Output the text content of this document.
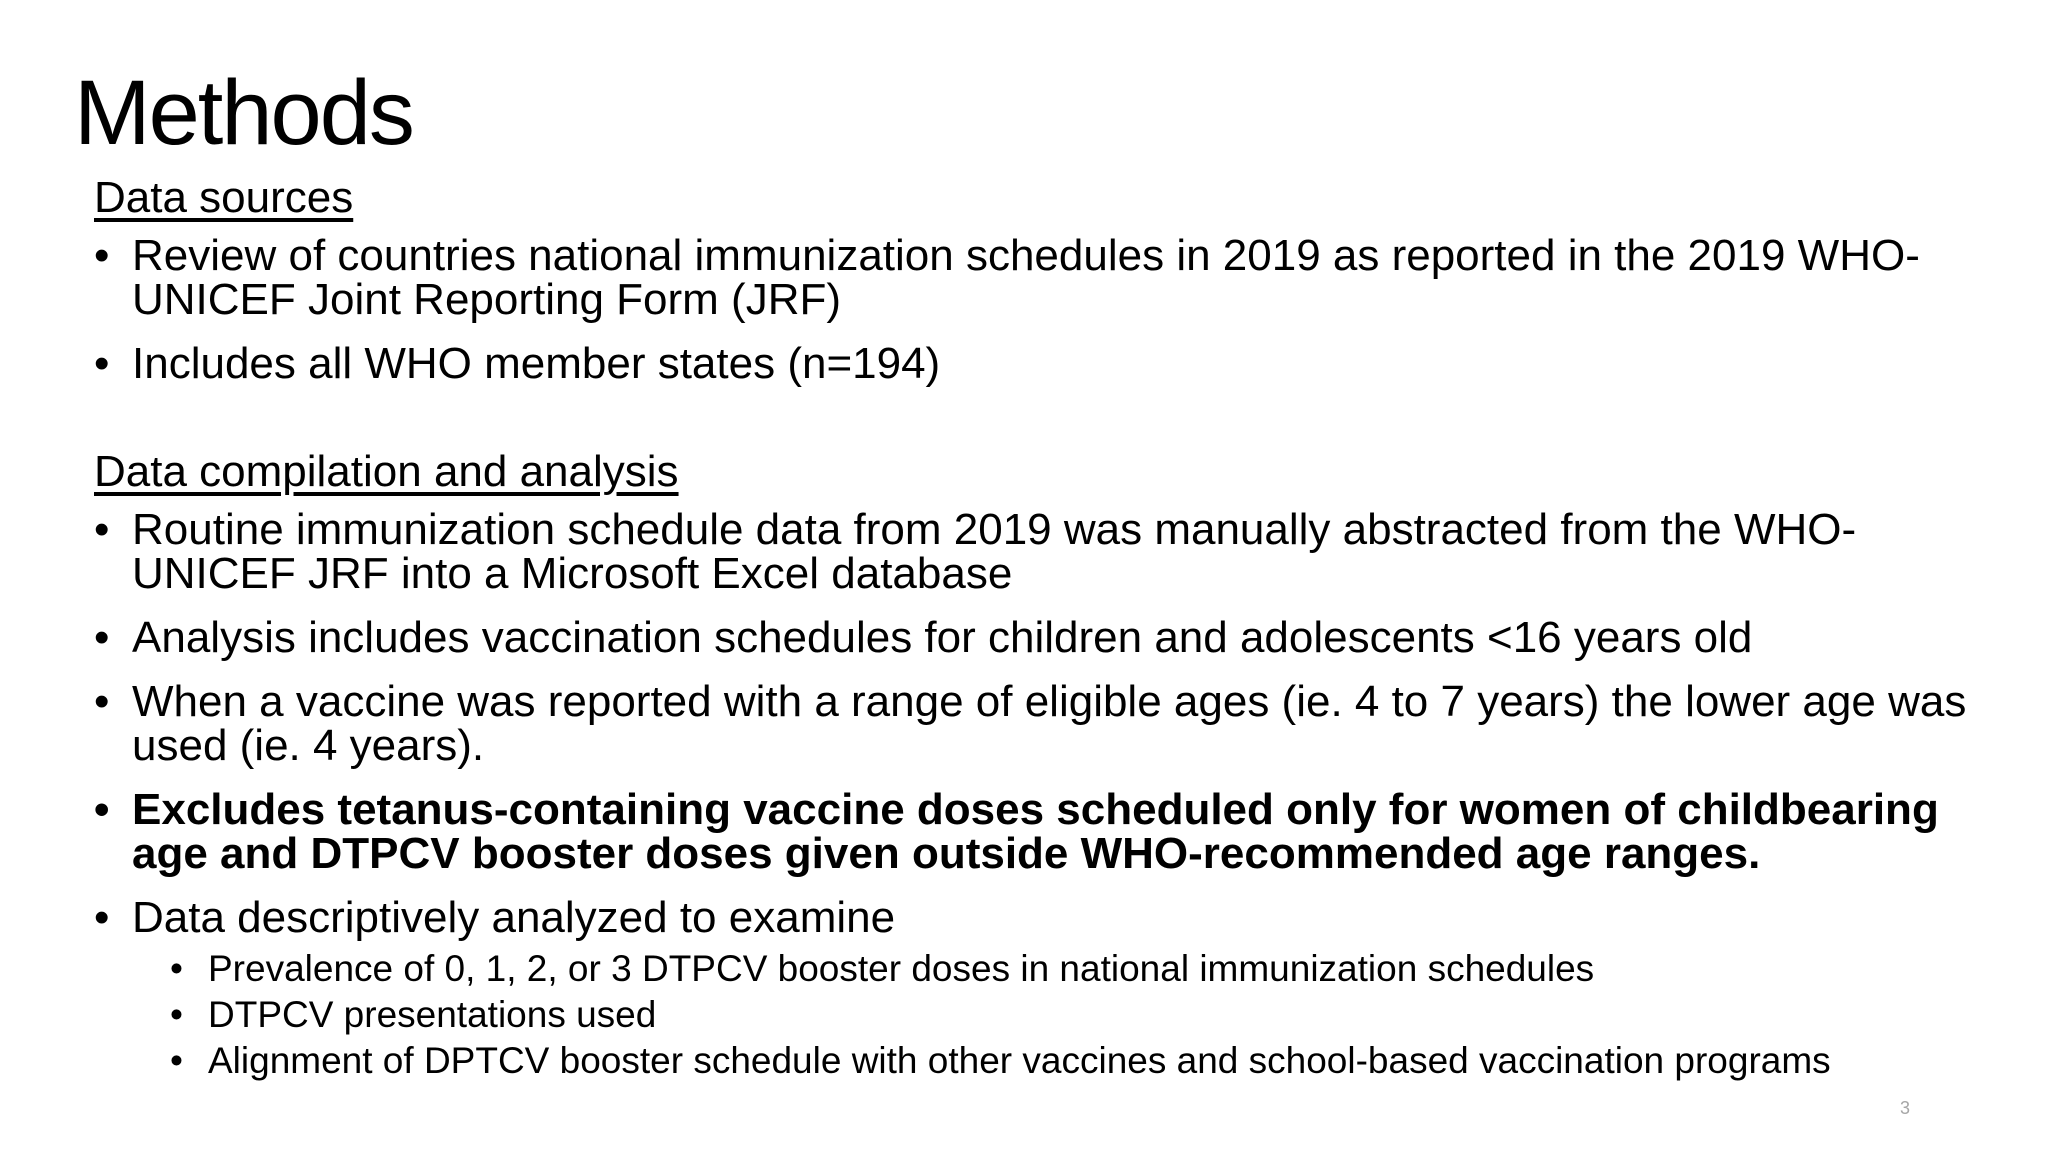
Methods
Data sources
• Review of countries national immunization schedules in 2019 as reported in the 2019 WHO-UNICEF Joint Reporting Form (JRF)
• Includes all WHO member states (n=194)
Data compilation and analysis
• Routine immunization schedule data from 2019 was manually abstracted from the WHO-UNICEF JRF into a Microsoft Excel database
• Analysis includes vaccination schedules for children and adolescents <16 years old
• When a vaccine was reported with a range of eligible ages (ie. 4 to 7 years) the lower age was used (ie. 4 years).
• Excludes tetanus-containing vaccine doses scheduled only for women of childbearing age and DTPCV booster doses given outside WHO-recommended age ranges.
• Data descriptively analyzed to examine
• Prevalence of 0, 1, 2, or 3 DTPCV booster doses in national immunization schedules
• DTPCV presentations used
• Alignment of DPTCV booster schedule with other vaccines and school-based vaccination programs
3
